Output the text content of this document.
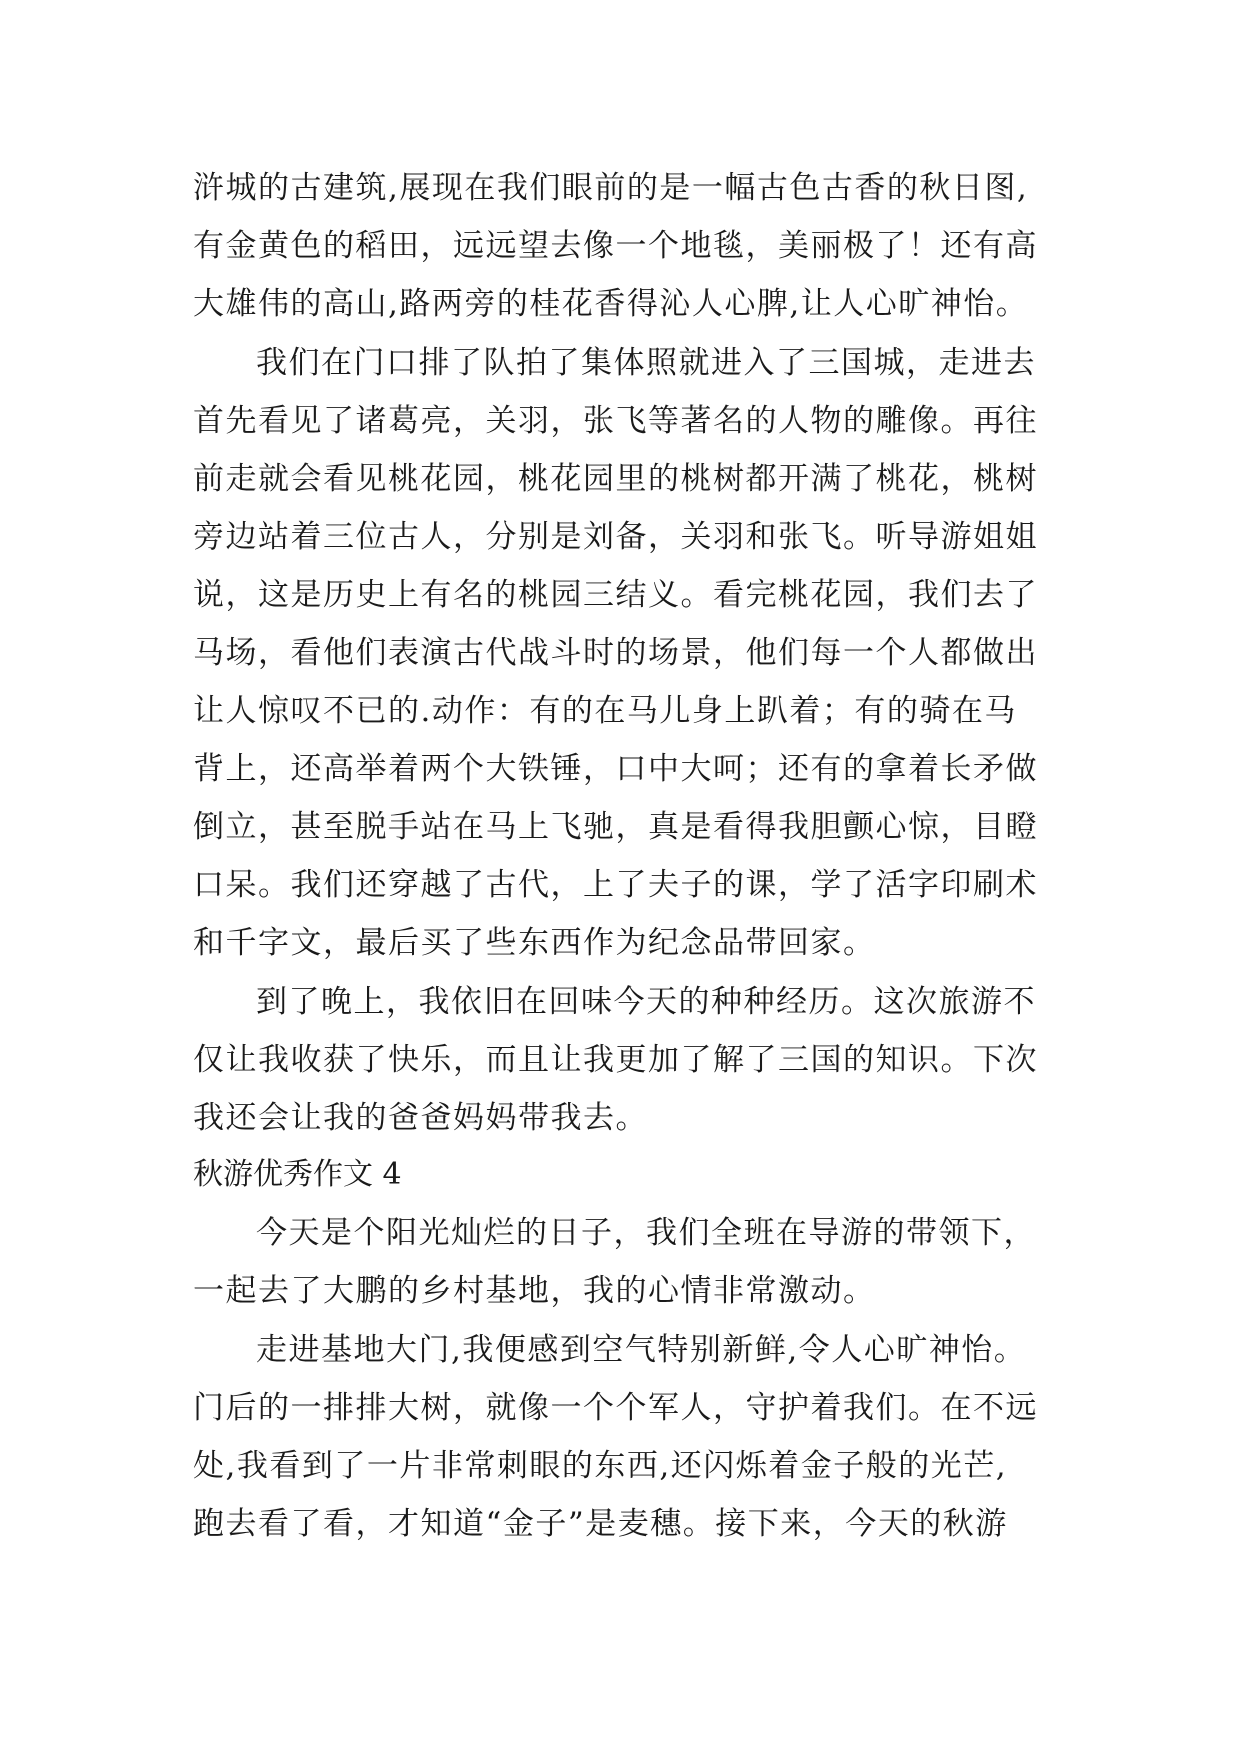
浒城的古建筑,展现在我们眼前的是一幅古色古香的秋日图,
有金黄色的稻田，远远望去像一个地毯，美丽极了！还有高
大雄伟的高山,路两旁的桂花香得沁人心脾,让人心旷神怡。
我们在门口排了队拍了集体照就进入了三国城，走进去
首先看见了诸葛亮，关羽，张飞等著名的人物的雕像。再往
前走就会看见桃花园，桃花园里的桃树都开满了桃花，桃树
旁边站着三位古人，分别是刘备，关羽和张飞。听导游姐姐
说，这是历史上有名的桃园三结义。看完桃花园，我们去了
马场，看他们表演古代战斗时的场景，他们每一个人都做出
让人惊叹不已的.动作：有的在马儿身上趴着；有的骑在马
背上，还高举着两个大铁锤，口中大呵；还有的拿着长矛做
倒立，甚至脱手站在马上飞驰，真是看得我胆颤心惊，目瞪
口呆。我们还穿越了古代，上了夫子的课，学了活字印刷术
和千字文，最后买了些东西作为纪念品带回家。
到了晚上，我依旧在回味今天的种种经历。这次旅游不
仅让我收获了快乐，而且让我更加了解了三国的知识。下次
我还会让我的爸爸妈妈带我去。
秋游优秀作文 4
今天是个阳光灿烂的日子，我们全班在导游的带领下，
一起去了大鹏的乡村基地，我的心情非常激动。
走进基地大门,我便感到空气特别新鲜,令人心旷神怡。
门后的一排排大树，就像一个个军人，守护着我们。在不远
处,我看到了一片非常刺眼的东西,还闪烁着金子般的光芒,
跑去看了看，才知道“金子”是麦穗。接下来，今天的秋游
